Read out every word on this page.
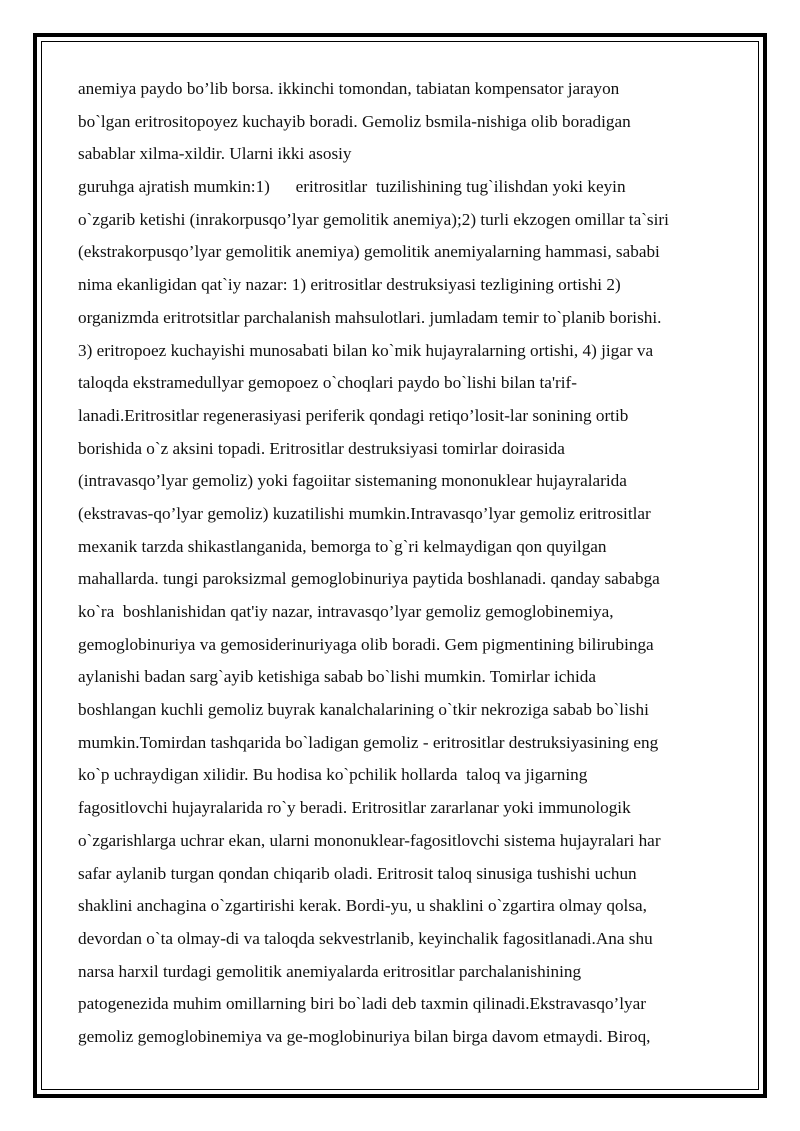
anemiya paydo bo’lib borsa. ikkinchi tomondan, tabiatan kompensator jarayon
bo`lgan eritrositopoyez kuchayib boradi. Gemoliz bsmila-nishiga olib boradigan
sabablar xilma-xildir. Ularni ikki asosiy
guruhga ajratish mumkin:1)      eritrositlar  tuzilishining tug`ilishdan yoki keyin
o`zgarib ketishi (inrakorpusqo’lyar gemolitik anemiya);2) turli ekzogen omillar ta`siri
(ekstrakorpusqo’lyar gemolitik anemiya) gemolitik anemiyalarning hammasi, sababi
nima ekanligidan qat`iy nazar: 1) eritrositlar destruksiyasi tezligining ortishi 2)
organizmda eritrotsitlar parchalanish mahsulotlari. jumladam temir to`planib borishi.
3) eritropoez kuchayishi munosabati bilan ko`mik hujayralarning ortishi, 4) jigar va
taloqda ekstramedullyar gemopoez o`choqlari paydo bo`lishi bilan ta'rif-
lanadi.Eritrositlar regenerasiyasi periferik qondagi retiqo’losit-lar sonining ortib
borishida o`z aksini topadi. Eritrositlar destruksiyasi tomirlar doirasida
(intravasqo’lyar gemoliz) yoki fagoiitar sistemaning mononuklear hujayralarida
(ekstravas-qo’lyar gemoliz) kuzatilishi mumkin.Intravasqo’lyar gemoliz eritrositlar
mexanik tarzda shikastlanganida, bemorga to`g`ri kelmaydigan qon quyilgan
mahallarda. tungi paroksizmal gemoglobinuriya paytida boshlanadi. qanday sababga
ko`ra  boshlanishidan qat'iy nazar, intravasqo’lyar gemoliz gemoglobinemiya,
gemoglobinuriya va gemosiderinuriyaga olib boradi. Gem pigmentining bilirubinga
aylanishi badan sarg`ayib ketishiga sabab bo`lishi mumkin. Tomirlar ichida
boshlangan kuchli gemoliz buyrak kanalchalarining o`tkir nekroziga sabab bo`lishi
mumkin.Tomirdan tashqarida bo`ladigan gemoliz - eritrositlar destruksiyasining eng
ko`p uchraydigan xilidir. Bu hodisa ko`pchilik hollarda  taloq va jigarning
fagositlovchi hujayralarida ro`y beradi. Eritrositlar zararlanar yoki immunologik
o`zgarishlarga uchrar ekan, ularni mononuklear-fagositlovchi sistema hujayralari har
safar aylanib turgan qondan chiqarib oladi. Eritrosit taloq sinusiga tushishi uchun
shaklini anchagina o`zgartirishi kerak. Bordi-yu, u shaklini o`zgartira olmay qolsa,
devordan o`ta olmay-di va taloqda sekvestrlanib, keyinchalik fagositlanadi.Ana shu
narsa harxil turdagi gemolitik anemiyalarda eritrositlar parchalanishining
patogenezida muhim omillarning biri bo`ladi deb taxmin qilinadi.Ekstravasqo’lyar
gemoliz gemoglobinemiya va ge-moglobinuriya bilan birga davom etmaydi. Biroq,
